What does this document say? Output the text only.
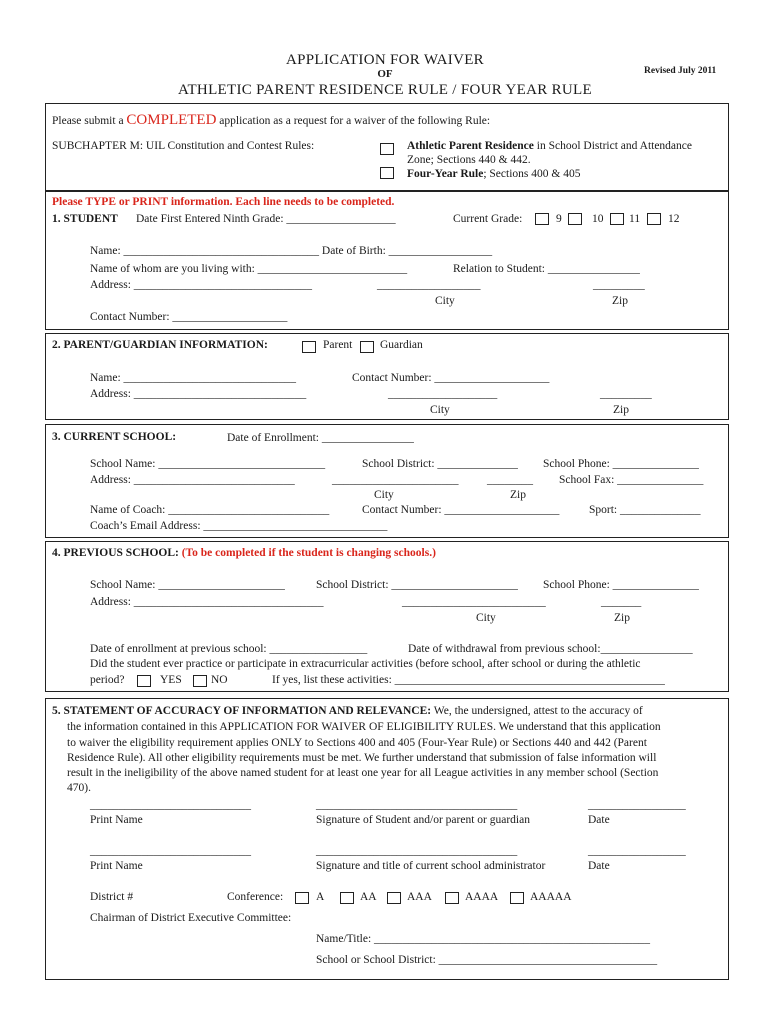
APPLICATION FOR WAIVER
OF
ATHLETIC PARENT RESIDENCE RULE / FOUR YEAR RULE
Revised July 2011
Please submit a COMPLETED application as a request for a waiver of the following Rule:
SUBCHAPTER M: UIL Constitution and Contest Rules:	Athletic Parent Residence in School District and Attendance
Zone; Sections 440 & 442.
Four-Year Rule; Sections 400 & 405
Please TYPE or PRINT information. Each line needs to be completed.
1. STUDENT Date First Entered Ninth Grade: ___________________	Current Grade:	9	10 11 12
Name: __________________________________ Date of Birth: __________________
Name of whom are you living with: __________________________	Relation to Student: ________________
Address: _______________________________	__________________	_________
City	Zip
Contact Number: ____________________
2. PARENT/GUARDIAN INFORMATION:	Parent Guardian
Name: ______________________________	Contact Number: ____________________
Address: ______________________________	___________________	_________
City	Zip
3. CURRENT SCHOOL:	Date of Enrollment: ________________
School Name: _____________________________	School District: ______________ School Phone: _______________
Address: ____________________________	______________________ ________ School Fax: _______________
City	Zip
Name of Coach: ____________________________	Contact Number: ____________________	Sport: ______________
Coach’s Email Address: ________________________________
4. PREVIOUS SCHOOL: (To be completed if the student is changing schools.)
School Name: ______________________	School District: ______________________ School Phone: _______________
Address: _________________________________	_________________________	_______
City	Zip
Date of enrollment at previous school: _________________	Date of withdrawal from previous school:________________
Did the student ever practice or participate in extracurricular activities (before school, after school or during the athletic
period?	YES	NO	If yes, list these activities: _______________________________________________
5. STATEMENT OF ACCURACY OF INFORMATION AND RELEVANCE: We, the undersigned, attest to the accuracy of
the information contained in this APPLICATION FOR WAIVER OF ELIGIBILITY RULES. We understand that this application
to waiver the eligibility requirement applies ONLY to Sections 400 and 405 (Four-Year Rule) or Sections 440 and 442 (Parent
Residence Rule). All other eligibility requirements must be met. We further understand that submission of false information will
result in the ineligibility of the above named student for at least one year for all League activities in any member school (Section
470).
____________________________	___________________________________	_________________
Print Name	Signature of Student and/or parent or guardian	Date
____________________________	___________________________________	_________________
Print Name	Signature and title of current school administrator	Date
District #	Conference:	A	AA	AAA	AAAA	AAAAA
Chairman of District Executive Committee:
Name/Title: ________________________________________________
School or School District: ______________________________________
